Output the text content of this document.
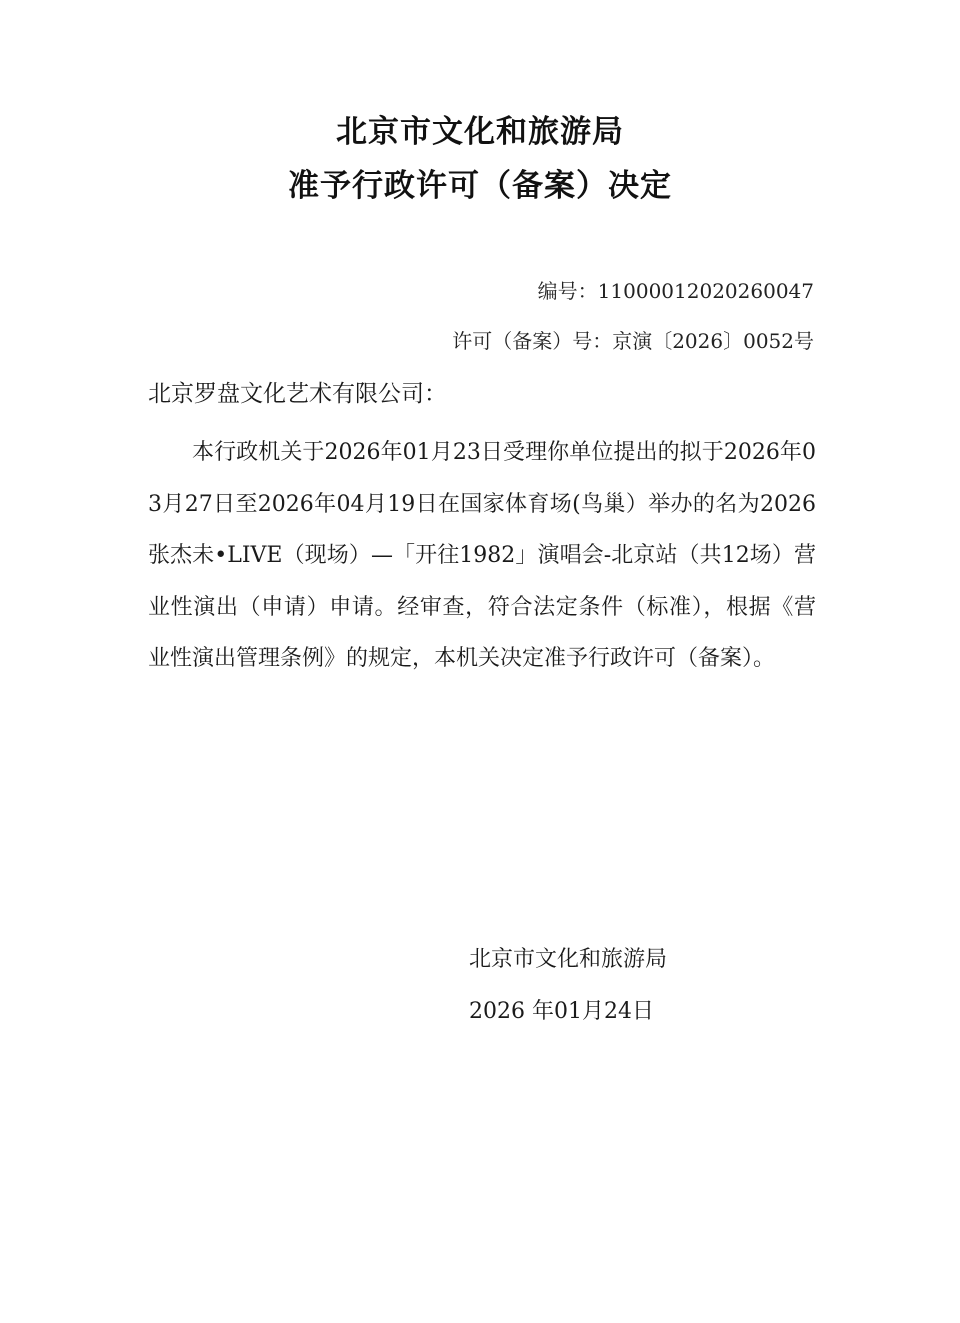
北京市文化和旅游局
准予行政许可（备案）决定
编号：11000012020260047
许可（备案）号：京演〔2026〕0052号
北京罗盘文化艺术有限公司：
本行政机关于2026年01月23日受理你单位提出的拟于2026年03月27日至2026年04月19日在国家体育场(鸟巢）举办的名为2026张杰未•LIVE（现场）—「开往1982」演唱会-北京站（共12场）营业性演出（申请）申请。经审查，符合法定条件（标准），根据《营业性演出管理条例》的规定，本机关决定准予行政许可（备案）。
北京市文化和旅游局
2026 年01月24日
